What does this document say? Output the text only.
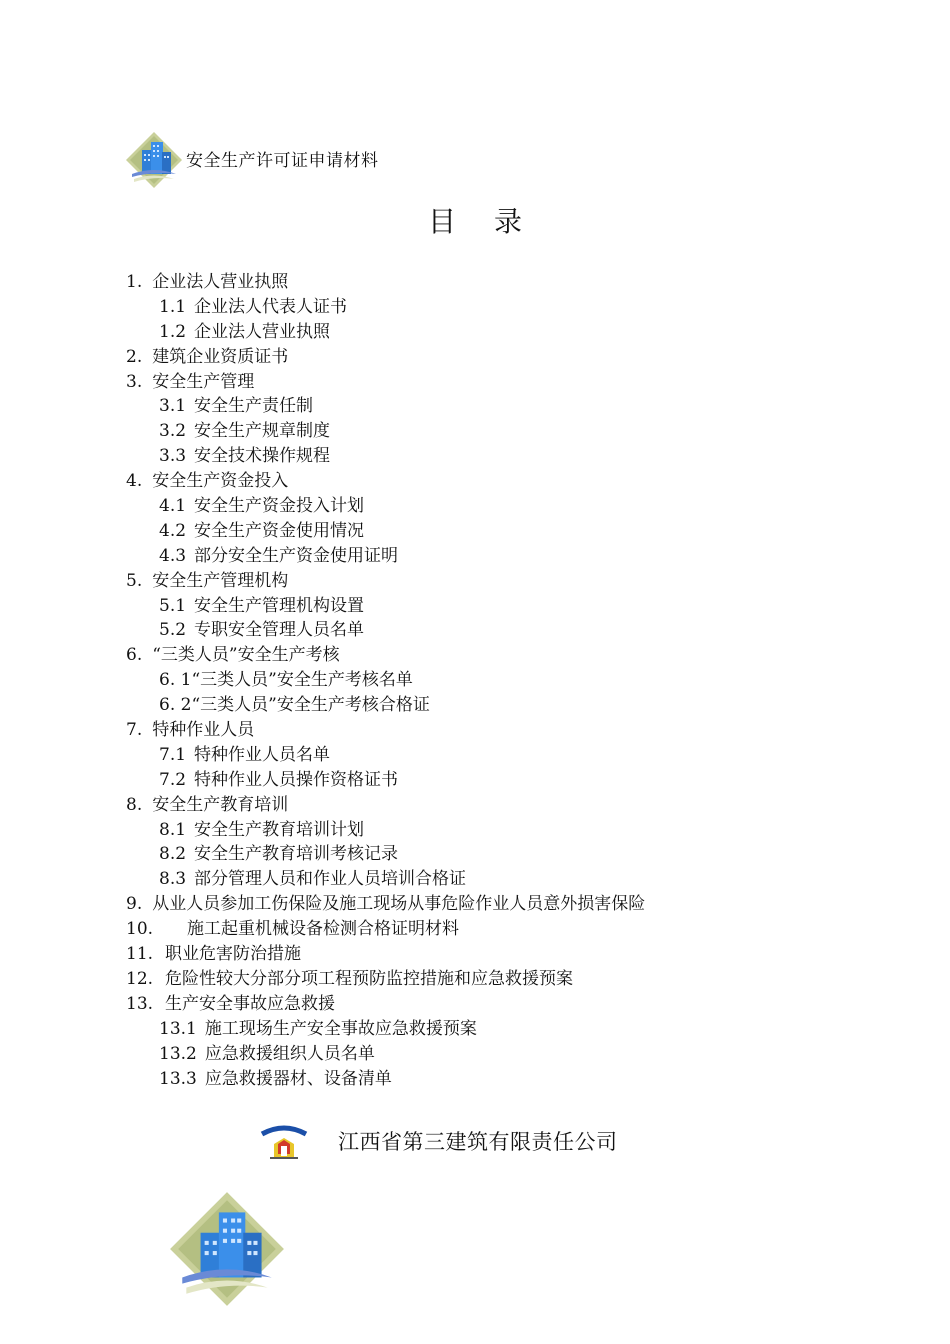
安全生产许可证申请材料
目录
1. 企业法人营业执照
1.1 企业法人代表人证书
1.2 企业法人营业执照
2. 建筑企业资质证书
3. 安全生产管理
3.1 安全生产责任制
3.2 安全生产规章制度
3.3 安全技术操作规程
4. 安全生产资金投入
4.1 安全生产资金投入计划
4.2 安全生产资金使用情况
4.3 部分安全生产资金使用证明
5. 安全生产管理机构
5.1 安全生产管理机构设置
5.2 专职安全管理人员名单
6. “三类人员”安全生产考核
6. 1“三类人员”安全生产考核名单
6. 2“三类人员”安全生产考核合格证
7. 特种作业人员
7.1 特种作业人员名单
7.2 特种作业人员操作资格证书
8. 安全生产教育培训
8.1 安全生产教育培训计划
8.2 安全生产教育培训考核记录
8.3 部分管理人员和作业人员培训合格证
9. 从业人员参加工伤保险及施工现场从事危险作业人员意外损害保险
10. 施工起重机械设备检测合格证明材料
11. 职业危害防治措施
12. 危险性较大分部分项工程预防监控措施和应急救援预案
13. 生产安全事故应急救援
13.1 施工现场生产安全事故应急救援预案
13.2 应急救援组织人员名单
13.3 应急救援器材、设备清单
江西省第三建筑有限责任公司
